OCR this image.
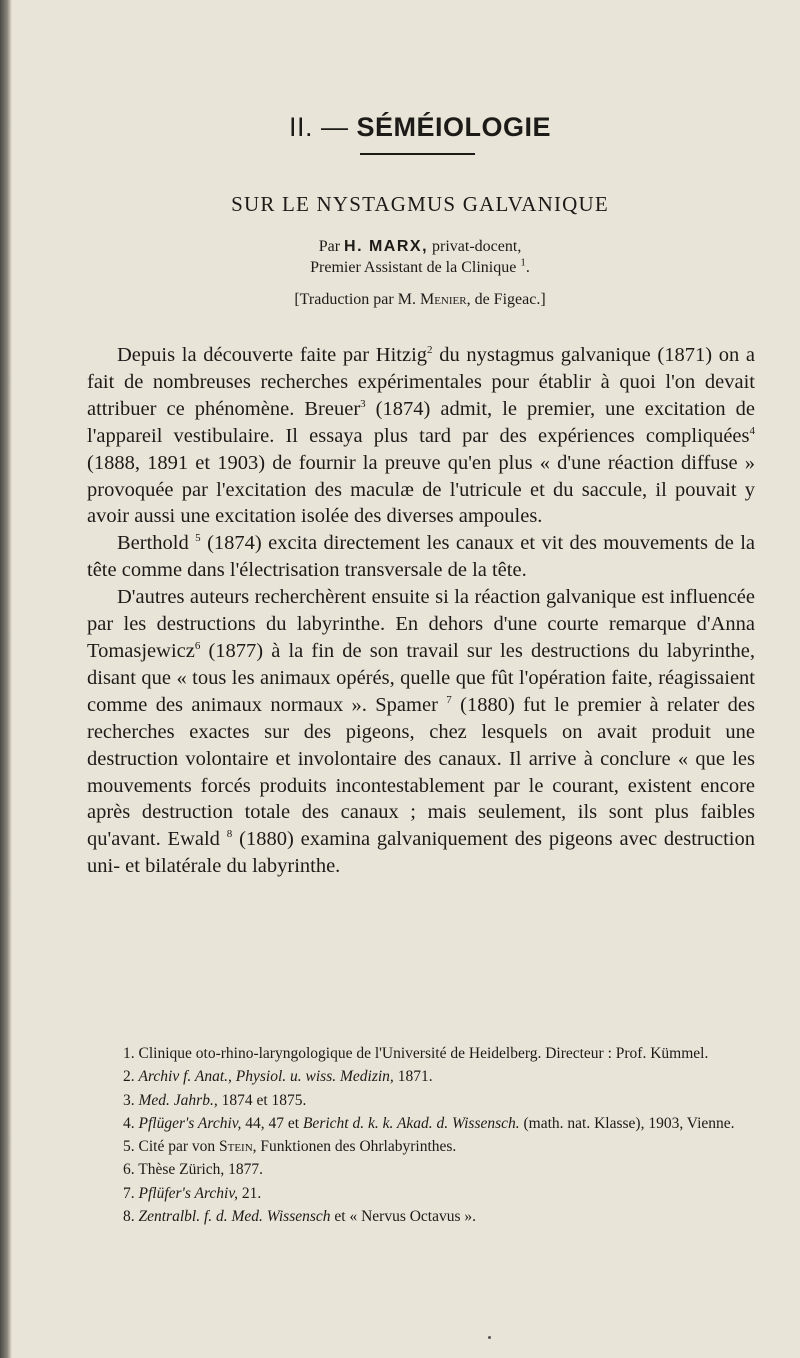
II. — SÉMÉIOLOGIE
SUR LE NYSTAGMUS GALVANIQUE
Par H. MARX, privat-docent,
Premier Assistant de la Clinique $^1$.
[Traduction par M. Menier, de Figeac.]

Depuis la découverte faite par Hitzig$^2$ du nystagmus galvanique (1871) on a fait de nombreuses recherches expérimentales pour établir à quoi l'on devait attribuer ce phénomène. Breuer$^3$ (1874) admit, le premier, une excitation de l'appareil vestibulaire. Il essaya plus tard par des expériences compliquées$^4$ (1888, 1891 et 1903) de fournir la preuve qu'en plus « d'une réaction diffuse » provoquée par l'excitation des maculæ de l'utricule et du saccule, il pouvait y avoir aussi une excitation isolée des diverses ampoules.

Berthold $^5$ (1874) excita directement les canaux et vit des mouvements de la tête comme dans l'électrisation transversale de la tête.

D'autres auteurs recherchèrent ensuite si la réaction galvanique est influencée par les destructions du labyrinthe. En dehors d'une courte remarque d'Anna Tomasjewicz$^6$ (1877) à la fin de son travail sur les destructions du labyrinthe, disant que « tous les animaux opérés, quelle que fût l'opération faite, réagissaient comme des animaux normaux ». Spamer $^7$ (1880) fut le premier à relater des recherches exactes sur des pigeons, chez lesquels on avait produit une destruction volontaire et involontaire des canaux. Il arrive à conclure « que les mouvements forcés produits incontestablement par le courant, existent encore après destruction totale des canaux ; mais seulement, ils sont plus faibles qu'avant. Ewald $^8$ (1880) examina galvaniquement des pigeons avec destruction uni- et bilatérale du labyrinthe.

1. Clinique oto-rhino-laryngologique de l'Université de Heidelberg. Directeur : Prof. Kümmel.

2. Archiv f. Anat., Physiol. u. wiss. Medizin, 1871.

3. Med. Jahrb., 1874 et 1875.

4. Pflüger's Archiv, 44, 47 et Bericht d. k. k. Akad. d. Wissensch. (math. nat. Klasse), 1903, Vienne.

5. Cité par von Stein, Funktionen des Ohrlabyrinthes.

6. Thèse Zürich, 1877.

7. Pflüfer's Archiv, 21.

8. Zentralbl. f. d. Med. Wissensch et « Nervus Octavus ».
